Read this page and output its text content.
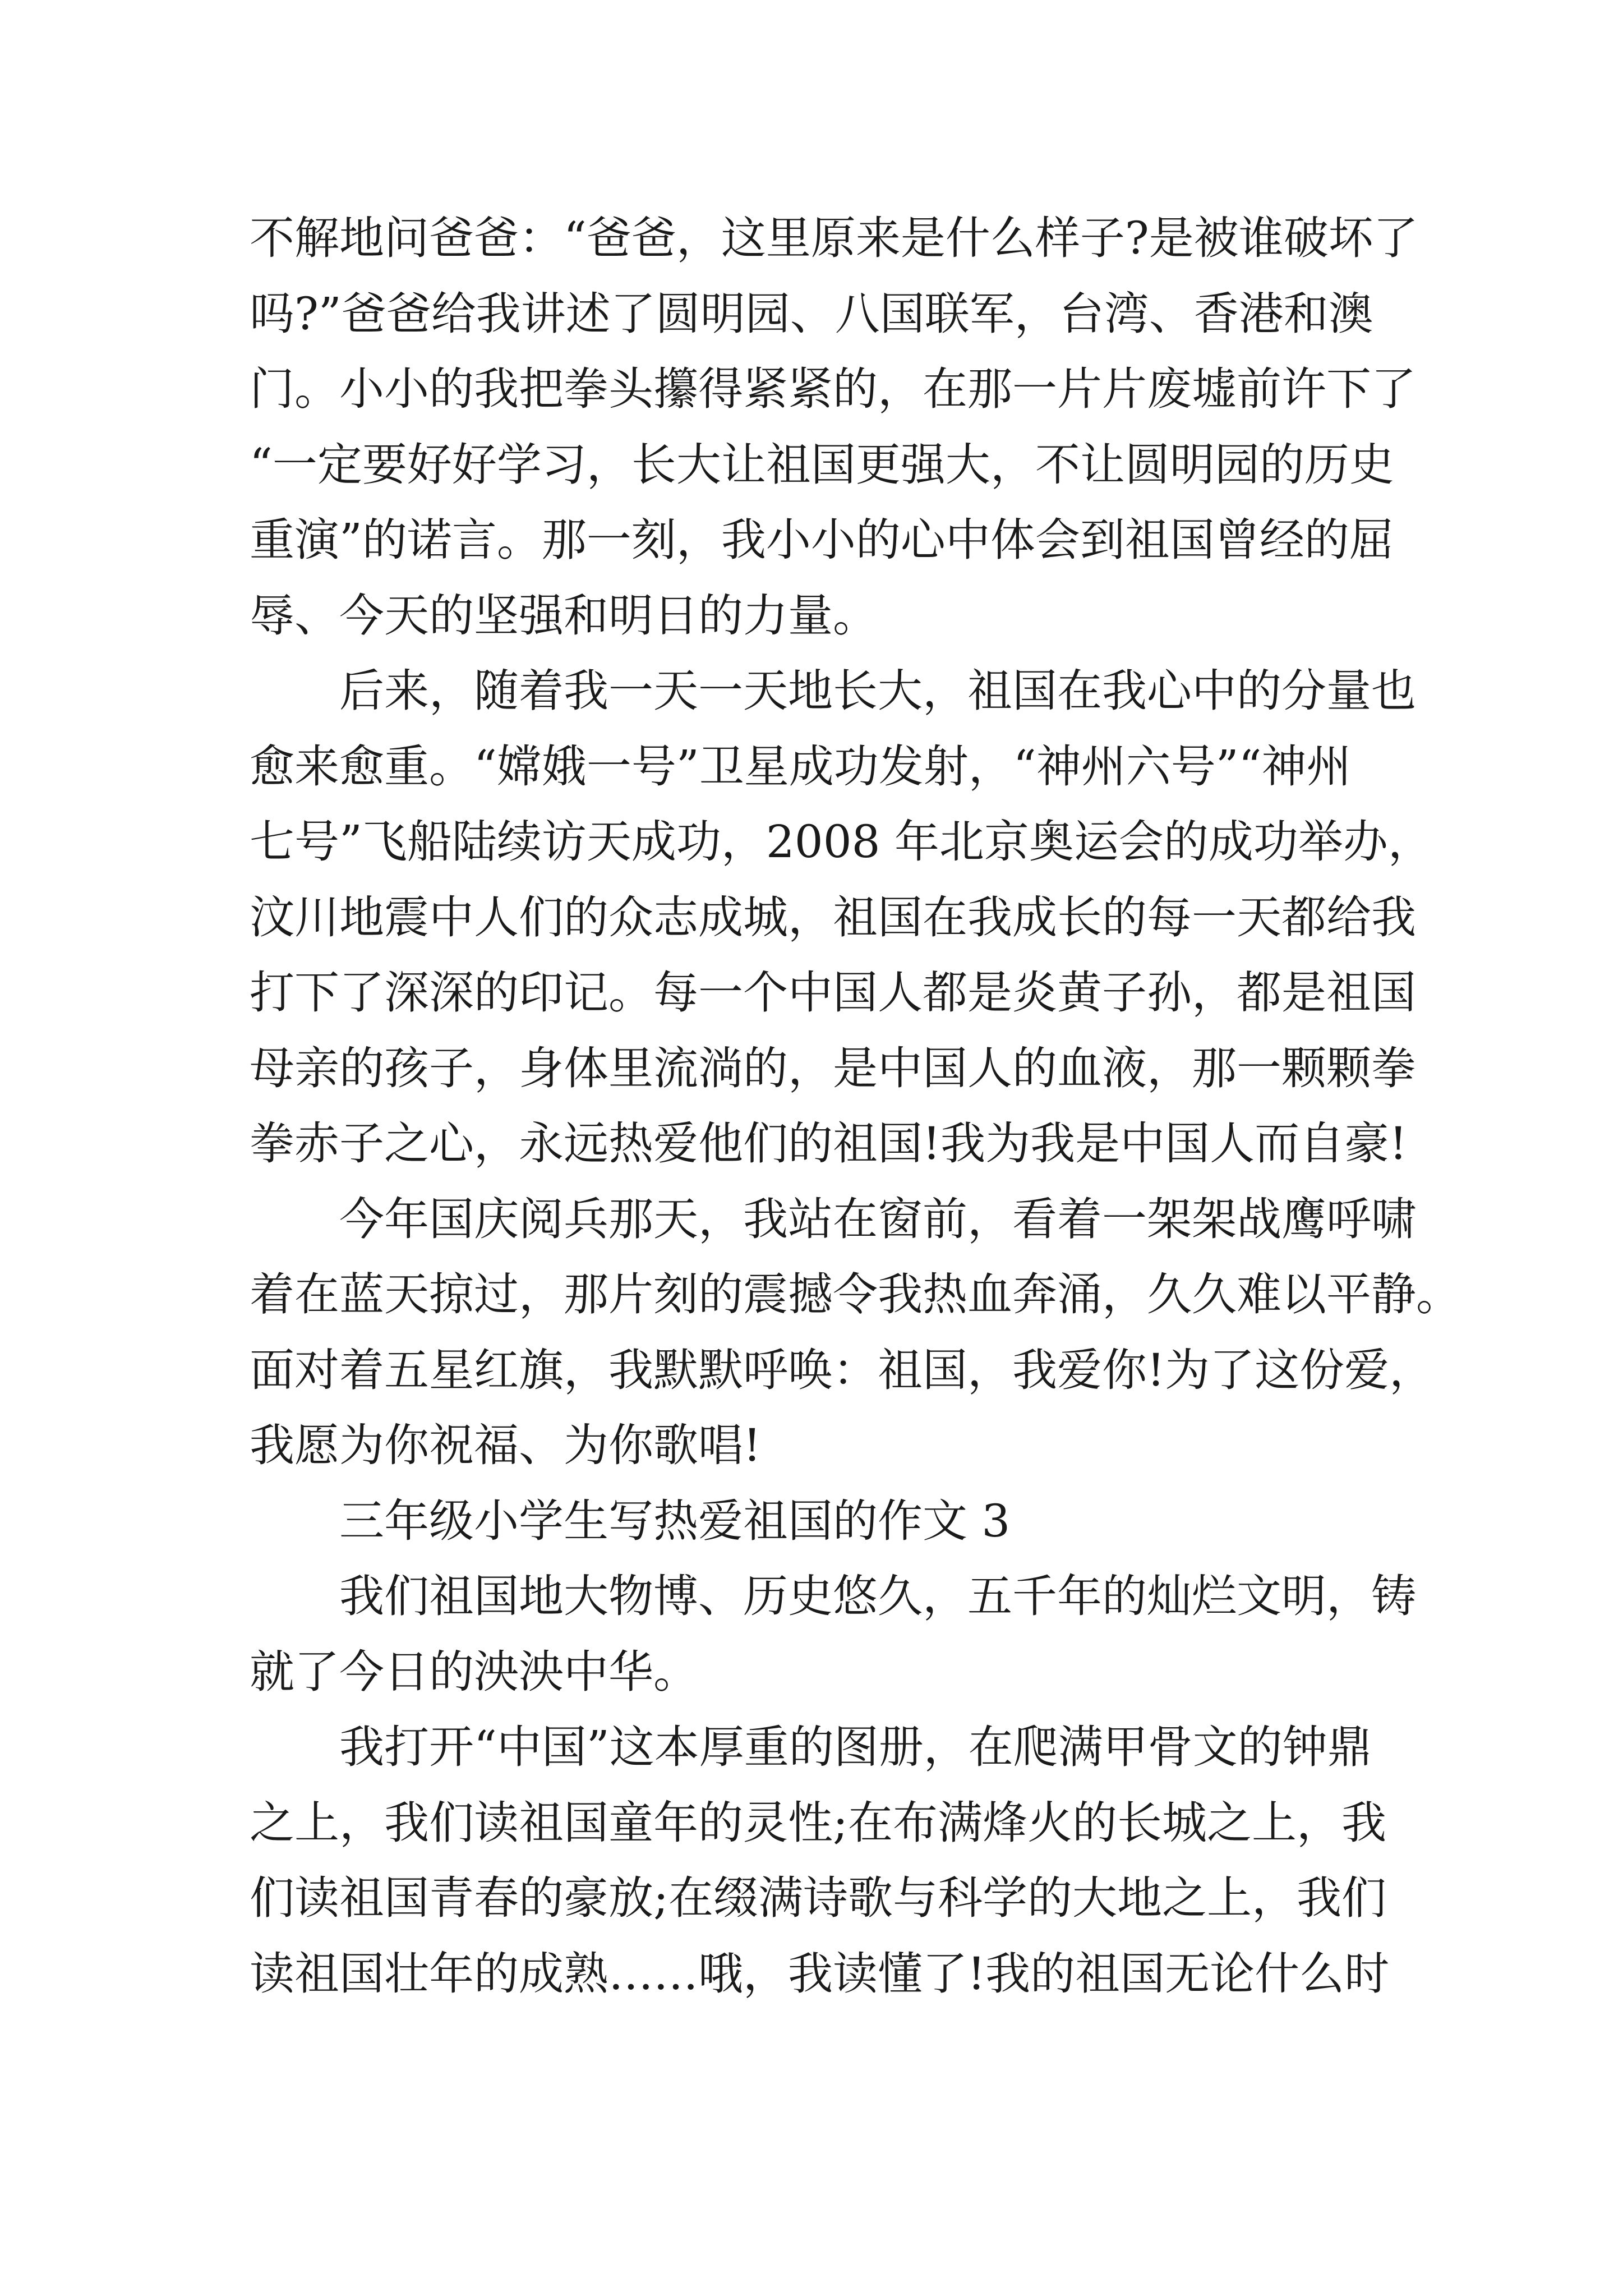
不解地问爸爸：“爸爸，这里原来是什么样子?是被谁破坏了
吗?”爸爸给我讲述了圆明园、八国联军，台湾、香港和澳
门。小小的我把拳头攥得紧紧的，在那一片片废墟前许下了
“一定要好好学习，长大让祖国更强大，不让圆明园的历史
重演”的诺言。那一刻，我小小的心中体会到祖国曾经的屈
辱、今天的坚强和明日的力量。

　　后来，随着我一天一天地长大，祖国在我心中的分量也
愈来愈重。“嫦娥一号”卫星成功发射，“神州六号”“神州
七号”飞船陆续访天成功，2008 年北京奥运会的成功举办，
汶川地震中人们的众志成城，祖国在我成长的每一天都给我
打下了深深的印记。每一个中国人都是炎黄子孙，都是祖国
母亲的孩子，身体里流淌的，是中国人的血液，那一颗颗拳
拳赤子之心，永远热爱他们的祖国!我为我是中国人而自豪!

　　今年国庆阅兵那天，我站在窗前，看着一架架战鹰呼啸
着在蓝天掠过，那片刻的震撼令我热血奔涌，久久难以平静。
面对着五星红旗，我默默呼唤：祖国，我爱你!为了这份爱，
我愿为你祝福、为你歌唱!

　　三年级小学生写热爱祖国的作文 3

　　我们祖国地大物博、历史悠久，五千年的灿烂文明，铸
就了今日的泱泱中华。

　　我打开“中国”这本厚重的图册，在爬满甲骨文的钟鼎
之上，我们读祖国童年的灵性;在布满烽火的长城之上，我
们读祖国青春的豪放;在缀满诗歌与科学的大地之上，我们
读祖国壮年的成熟……哦，我读懂了!我的祖国无论什么时
